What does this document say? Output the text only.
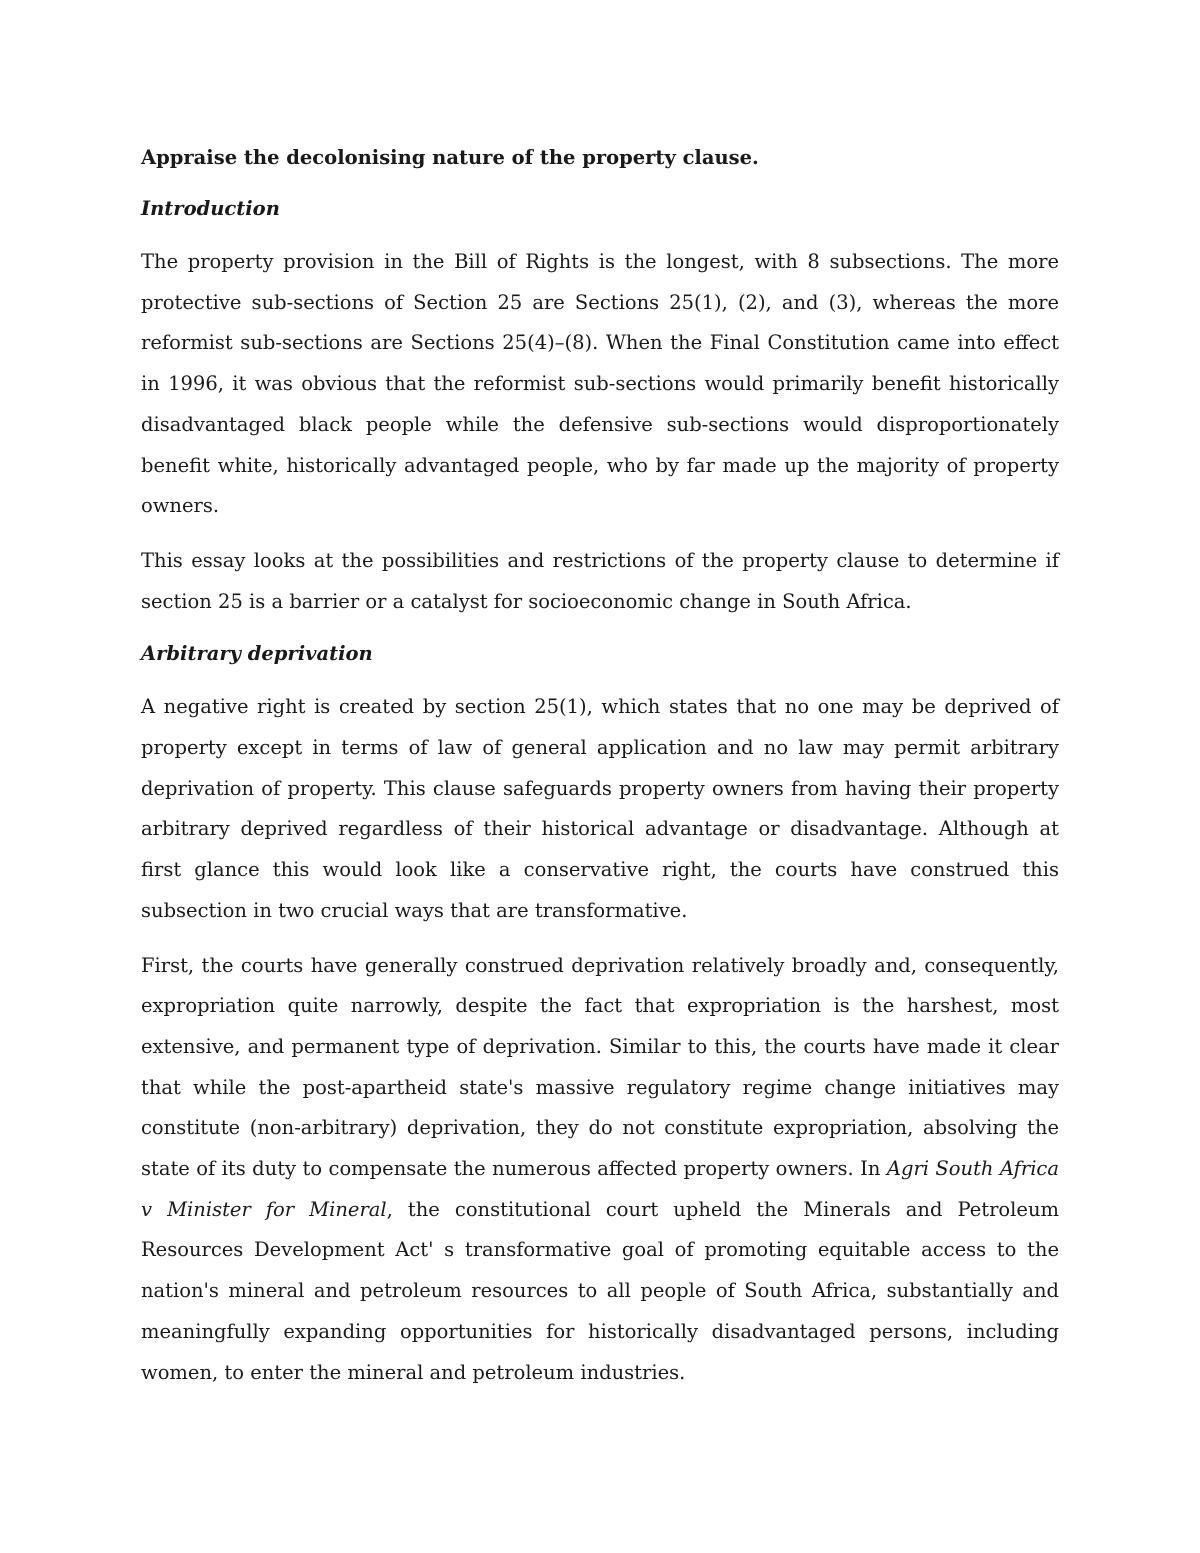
Appraise the decolonising nature of the property clause.
Introduction

The property provision in the Bill of Rights is the longest, with 8 subsections. The more protective sub-sections of Section 25 are Sections 25(1), (2), and (3), whereas the more reformist sub-sections are Sections 25(4)–(8). When the Final Constitution came into effect in 1996, it was obvious that the reformist sub-sections would primarily benefit historically disadvantaged black people while the defensive sub-sections would disproportionately benefit white, historically advantaged people, who by far made up the majority of property owners.

This essay looks at the possibilities and restrictions of the property clause to determine if section 25 is a barrier or a catalyst for socioeconomic change in South Africa.

Arbitrary deprivation

A negative right is created by section 25(1), which states that no one may be deprived of property except in terms of law of general application and no law may permit arbitrary deprivation of property. This clause safeguards property owners from having their property arbitrary deprived regardless of their historical advantage or disadvantage. Although at first glance this would look like a conservative right, the courts have construed this subsection in two crucial ways that are transformative.

First, the courts have generally construed deprivation relatively broadly and, consequently, expropriation quite narrowly, despite the fact that expropriation is the harshest, most extensive, and permanent type of deprivation. Similar to this, the courts have made it clear that while the post-apartheid state's massive regulatory regime change initiatives may constitute (non-arbitrary) deprivation, they do not constitute expropriation, absolving the state of its duty to compensate the numerous affected property owners. In Agri South Africa v Minister for Mineral, the constitutional court upheld the Minerals and Petroleum Resources Development Act' s transformative goal of promoting equitable access to the nation's mineral and petroleum resources to all people of South Africa, substantially and meaningfully expanding opportunities for historically disadvantaged persons, including women, to enter the mineral and petroleum industries.
